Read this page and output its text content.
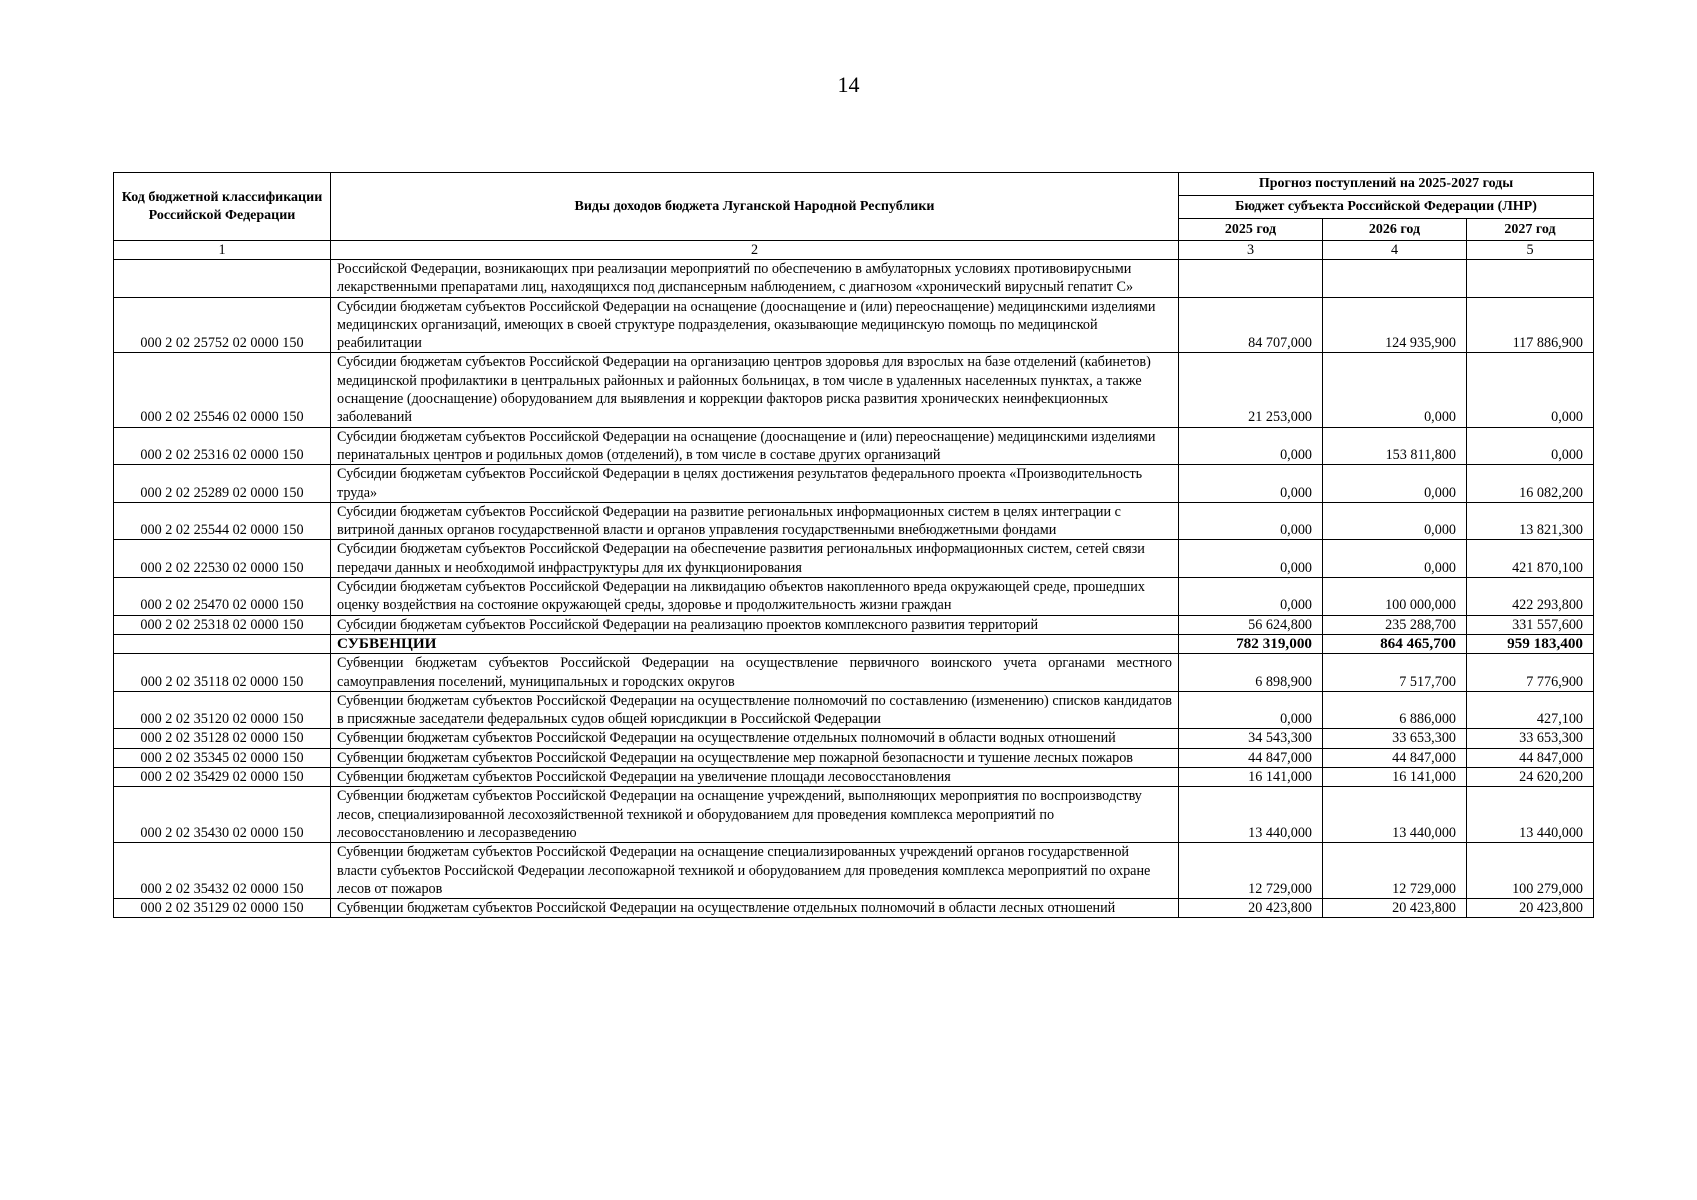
14
Код бюджетной классификации Российской Федерации	Виды доходов бюджета Луганской Народной Республики	Прогноз поступлений на 2025-2027 годы		
		Бюджет субъекта Российской Федерации (ЛНР)		
		2025 год	2026 год	2027 год
1	2	3	4	5
	Российской Федерации, возникающих при реализации мероприятий по обеспечению в амбулаторных условиях противовирусными лекарственными препаратами лиц, находящихся под диспансерным наблюдением, с диагнозом «хронический вирусный гепатит С»			
000 2 02 25752 02 0000 150	Субсидии бюджетам субъектов Российской Федерации на оснащение (дооснащение и (или) переоснащение) медицинскими изделиями медицинских организаций, имеющих в своей структуре подразделения, оказывающие медицинскую помощь по медицинской реабилитации	84 707,000	124 935,900	117 886,900
000 2 02 25546 02 0000 150	Субсидии бюджетам субъектов Российской Федерации на организацию центров здоровья для взрослых на базе отделений (кабинетов) медицинской профилактики в центральных районных и районных больницах, в том числе в удаленных населенных пунктах, а также оснащение (дооснащение) оборудованием для выявления и коррекции факторов риска развития хронических неинфекционных заболеваний	21 253,000	0,000	0,000
000 2 02 25316 02 0000 150	Субсидии бюджетам субъектов Российской Федерации на оснащение (дооснащение и (или) переоснащение) медицинскими изделиями перинатальных центров и родильных домов (отделений), в том числе в составе других организаций	0,000	153 811,800	0,000
000 2 02 25289 02 0000 150	Субсидии бюджетам субъектов Российской Федерации в целях достижения результатов федерального проекта «Производительность труда»	0,000	0,000	16 082,200
000 2 02 25544 02 0000 150	Субсидии бюджетам субъектов Российской Федерации на развитие региональных информационных систем в целях интеграции с витриной данных органов государственной власти и органов управления государственными внебюджетными фондами	0,000	0,000	13 821,300
000 2 02 22530 02 0000 150	Субсидии бюджетам субъектов Российской Федерации на обеспечение развития региональных информационных систем, сетей связи передачи данных и необходимой инфраструктуры для их функционирования	0,000	0,000	421 870,100
000 2 02 25470 02 0000 150	Субсидии бюджетам субъектов Российской Федерации на ликвидацию объектов накопленного вреда окружающей среде, прошедших оценку воздействия на состояние окружающей среды, здоровье и продолжительность жизни граждан	0,000	100 000,000	422 293,800
000 2 02 25318 02 0000 150	Субсидии бюджетам субъектов Российской Федерации на реализацию проектов комплексного развития территорий	56 624,800	235 288,700	331 557,600
	СУБВЕНЦИИ	782 319,000	864 465,700	959 183,400
000 2 02 35118 02 0000 150	Субвенции бюджетам субъектов Российской Федерации на осуществление первичного воинского учета органами местного самоуправления поселений, муниципальных и городских округов	6 898,900	7 517,700	7 776,900
000 2 02 35120 02 0000 150	Субвенции бюджетам субъектов Российской Федерации на осуществление полномочий по составлению (изменению) списков кандидатов в присяжные заседатели федеральных судов общей юрисдикции в Российской Федерации	0,000	6 886,000	427,100
000 2 02 35128 02 0000 150	Субвенции бюджетам субъектов Российской Федерации на осуществление отдельных полномочий в области водных отношений	34 543,300	33 653,300	33 653,300
000 2 02 35345 02 0000 150	Субвенции бюджетам субъектов Российской Федерации на осуществление мер пожарной безопасности и тушение лесных пожаров	44 847,000	44 847,000	44 847,000
000 2 02 35429 02 0000 150	Субвенции бюджетам субъектов Российской Федерации на увеличение площади лесовосстановления	16 141,000	16 141,000	24 620,200
000 2 02 35430 02 0000 150	Субвенции бюджетам субъектов Российской Федерации на оснащение учреждений, выполняющих мероприятия по воспроизводству лесов, специализированной лесохозяйственной техникой и оборудованием для проведения комплекса мероприятий по лесовосстановлению и лесоразведению	13 440,000	13 440,000	13 440,000
000 2 02 35432 02 0000 150	Субвенции бюджетам субъектов Российской Федерации на оснащение специализированных учреждений органов государственной власти субъектов Российской Федерации лесопожарной техникой и оборудованием для проведения комплекса мероприятий по охране лесов от пожаров	12 729,000	12 729,000	100 279,000
000 2 02 35129 02 0000 150	Субвенции бюджетам субъектов Российской Федерации на осуществление отдельных полномочий в области лесных отношений	20 423,800	20 423,800	20 423,800
